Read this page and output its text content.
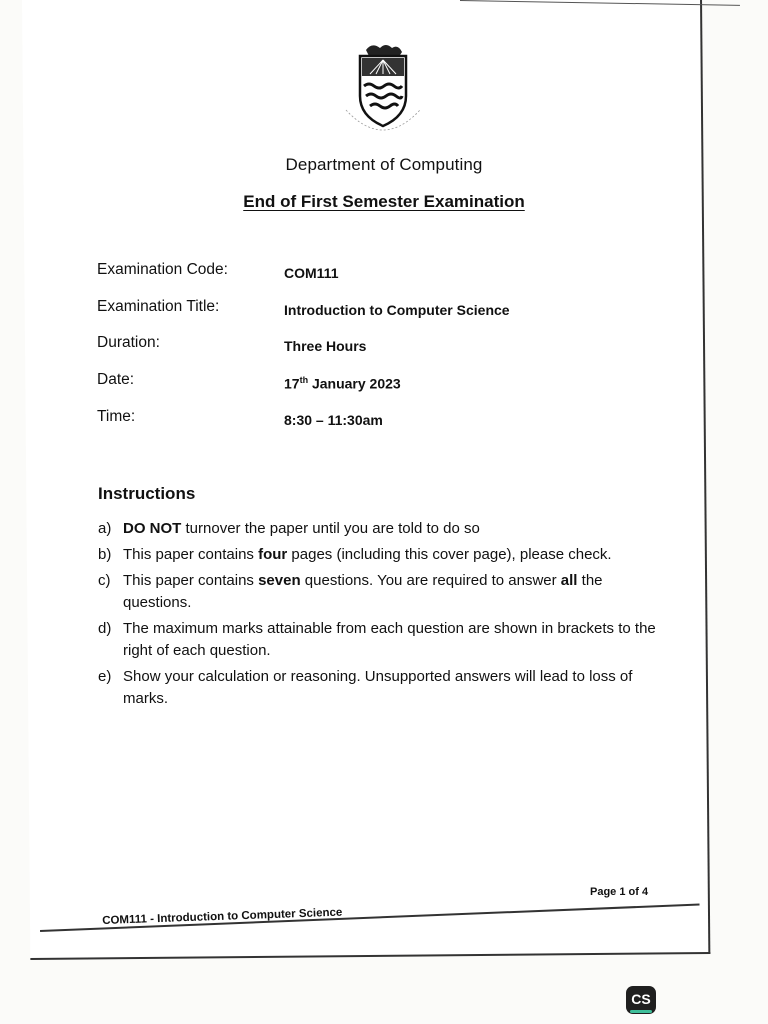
Department of Computing
End of First Semester Examination
Examination Code:	COM111
Examination Title:	Introduction to Computer Science
Duration:	Three Hours
Date:	17th January 2023
Time:	8:30 – 11:30am
Instructions
a) DO NOT turnover the paper until you are told to do so
b) This paper contains four pages (including this cover page), please check.
c) This paper contains seven questions. You are required to answer all the questions.
d) The maximum marks attainable from each question are shown in brackets to the right of each question.
e) Show your calculation or reasoning. Unsupported answers will lead to loss of marks.
Page 1 of 4
COM111 - Introduction to Computer Science
CS
